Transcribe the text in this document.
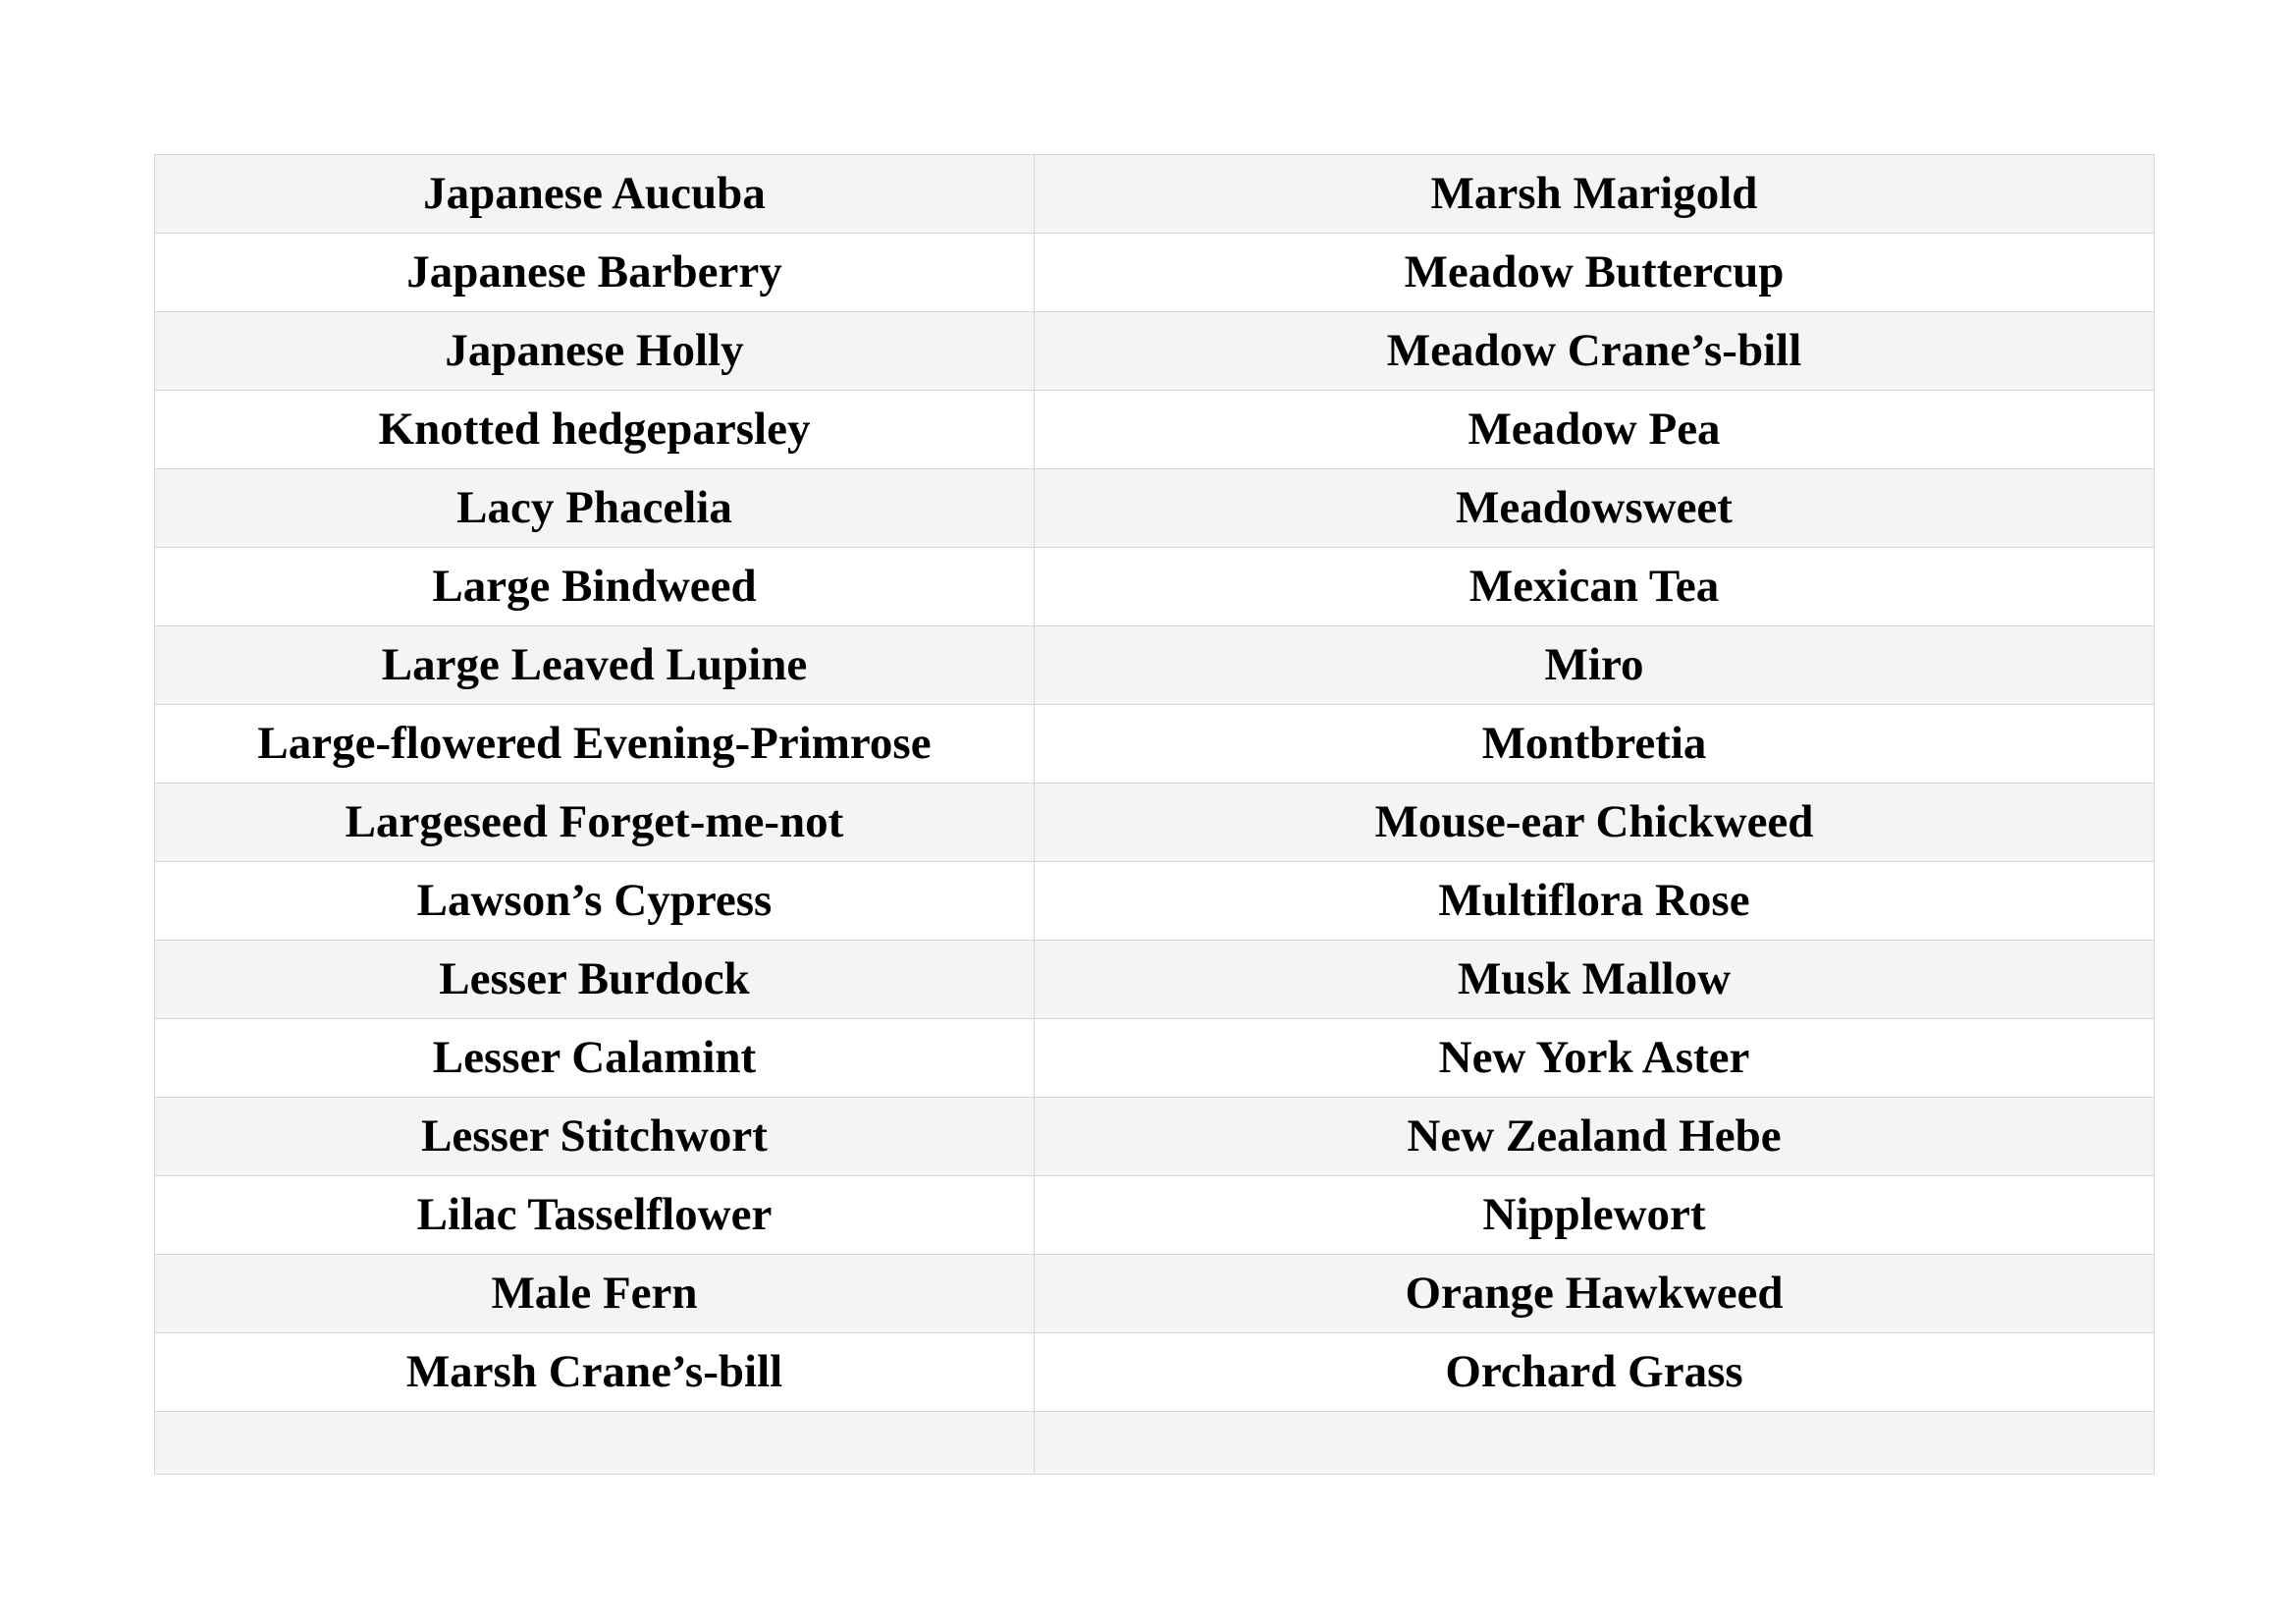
Japanese Aucuba	Marsh Marigold
Japanese Barberry	Meadow Buttercup
Japanese Holly	Meadow Crane’s-bill
Knotted hedgeparsley	Meadow Pea
Lacy Phacelia	Meadowsweet
Large Bindweed	Mexican Tea
Large Leaved Lupine	Miro
Large-flowered Evening-Primrose	Montbretia
Largeseed Forget-me-not	Mouse-ear Chickweed
Lawson’s Cypress	Multiflora Rose
Lesser Burdock	Musk Mallow
Lesser Calamint	New York Aster
Lesser Stitchwort	New Zealand Hebe
Lilac Tasselflower	Nipplewort
Male Fern	Orange Hawkweed
Marsh Crane’s-bill	Orchard Grass
